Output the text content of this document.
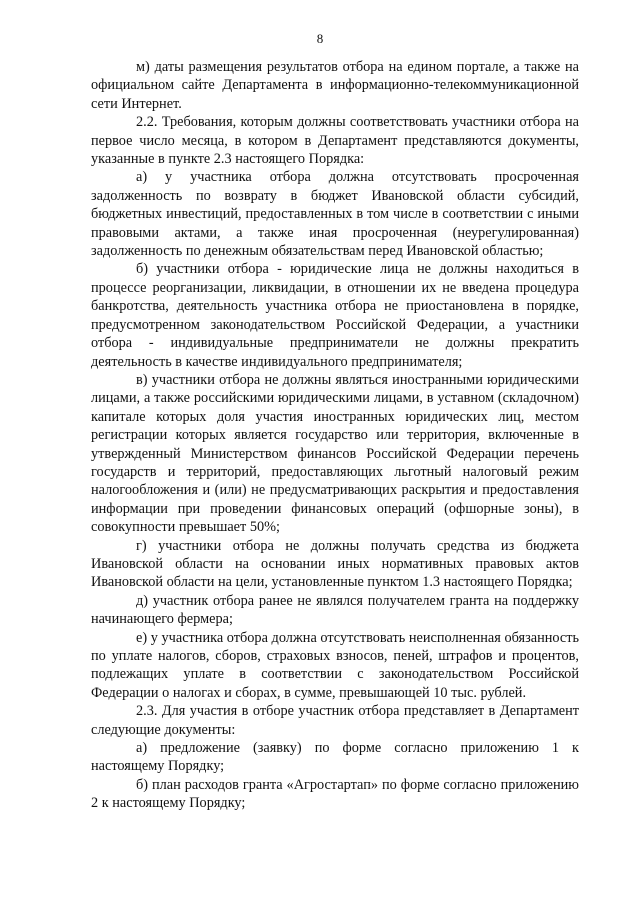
8

м) даты размещения результатов отбора на едином портале, а также на официальном сайте Департамента в информационно-телекоммуникационной сети Интернет.

2.2. Требования, которым должны соответствовать участники отбора на первое число месяца, в котором в Департамент представляются документы, указанные в пункте 2.3 настоящего Порядка:

а) у участника отбора должна отсутствовать просроченная задолженность по возврату в бюджет Ивановской области субсидий, бюджетных инвестиций, предоставленных в том числе в соответствии с иными правовыми актами, а также иная просроченная (неурегулированная) задолженность по денежным обязательствам перед Ивановской областью;

б) участники отбора - юридические лица не должны находиться в процессе реорганизации, ликвидации, в отношении их не введена процедура банкротства, деятельность участника отбора не приостановлена в порядке, предусмотренном законодательством Российской Федерации, а участники отбора - индивидуальные предприниматели не должны прекратить деятельность в качестве индивидуального предпринимателя;

в) участники отбора не должны являться иностранными юридическими лицами, а также российскими юридическими лицами, в уставном (складочном) капитале которых доля участия иностранных юридических лиц, местом регистрации которых является государство или территория, включенные в утвержденный Министерством финансов Российской Федерации перечень государств и территорий, предоставляющих льготный налоговый режим налогообложения и (или) не предусматривающих раскрытия и предоставления информации при проведении финансовых операций (офшорные зоны), в совокупности превышает 50%;

г) участники отбора не должны получать средства из бюджета Ивановской области на основании иных нормативных правовых актов Ивановской области на цели, установленные пунктом 1.3 настоящего Порядка;

д) участник отбора ранее не являлся получателем гранта на поддержку начинающего фермера;

е) у участника отбора должна отсутствовать неисполненная обязанность по уплате налогов, сборов, страховых взносов, пеней, штрафов и процентов, подлежащих уплате в соответствии с законодательством Российской Федерации о налогах и сборах, в сумме, превышающей 10 тыс. рублей.

2.3. Для участия в отборе участник отбора представляет в Департамент следующие документы:

а) предложение (заявку) по форме согласно приложению 1 к настоящему Порядку;

б) план расходов гранта «Агростартап» по форме согласно приложению 2 к настоящему Порядку;
